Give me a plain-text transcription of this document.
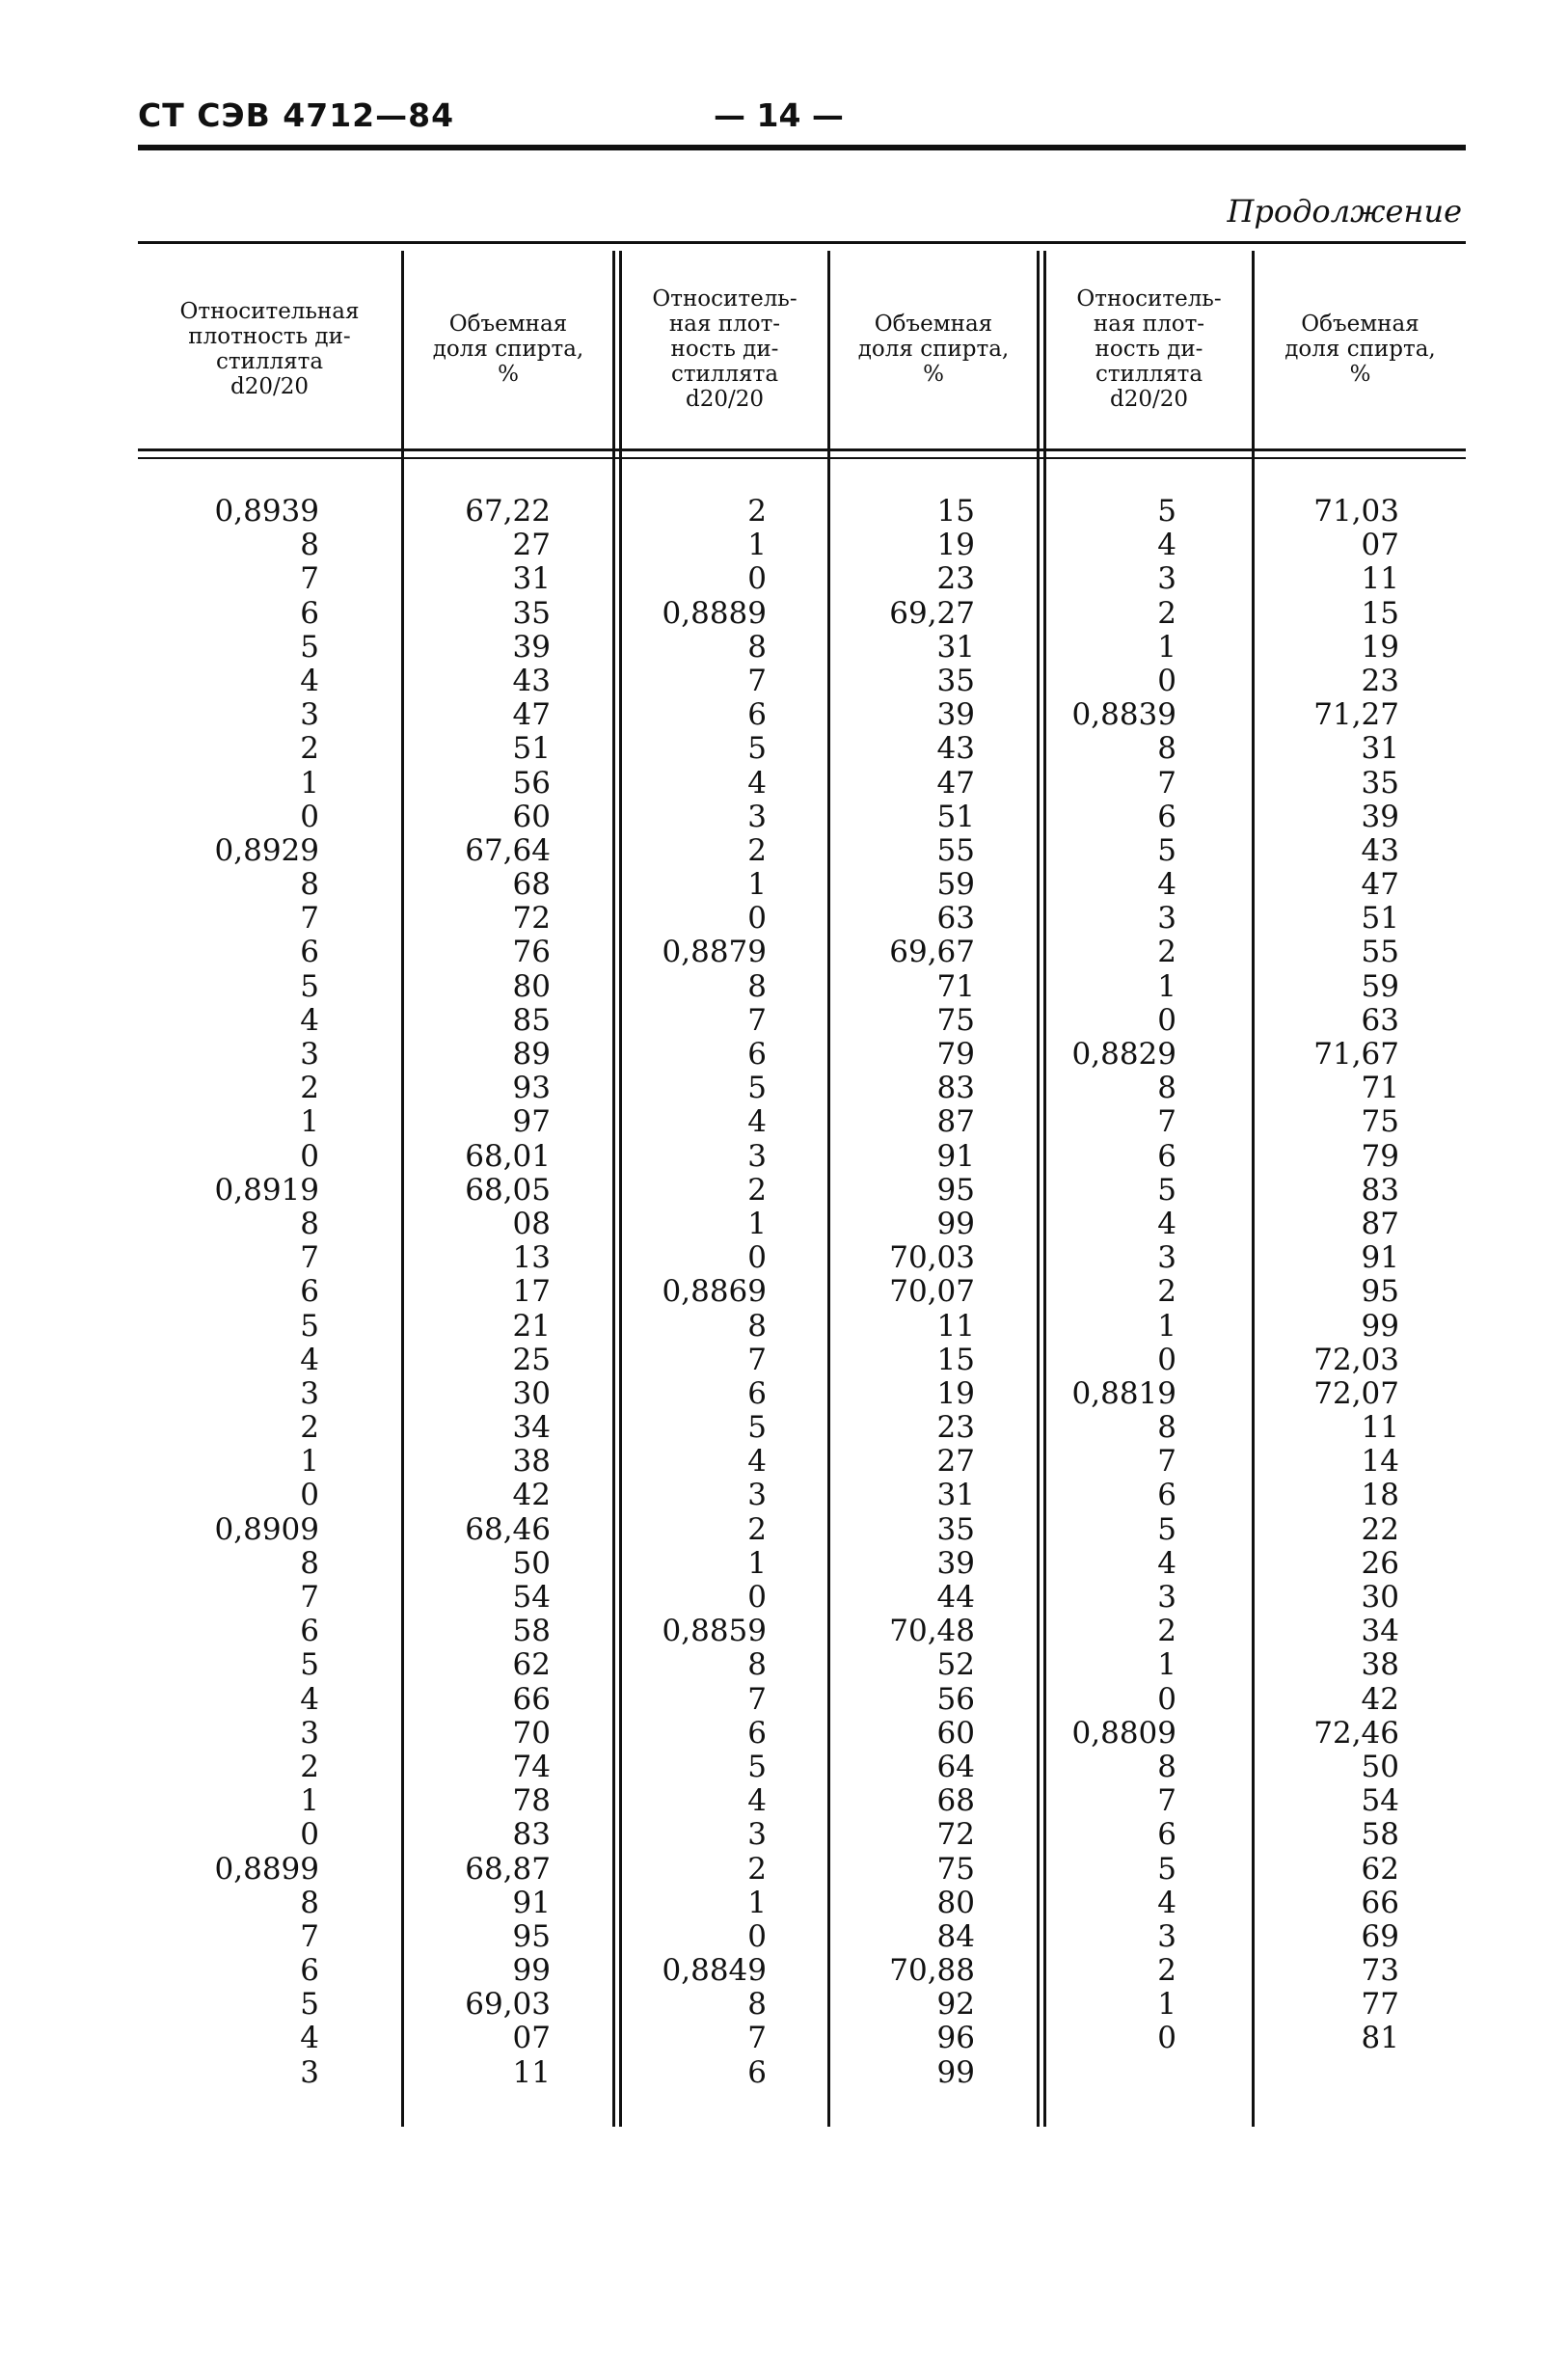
СТ СЭВ 4712—84	— 14 —
Продолжение
Относительная
плотность ди-
стиллята
d20/20
Объемная
доля спирта,
%
Относитель-
ная плот-
ность ди-
стиллята
d20/20
Объемная
доля спирта,
%
Относитель-
ная плот-
ность ди-
стиллята
d20/20
Объемная
доля спирта,
%
0,8939
8
7
6
5
4
3
2
1
0
0,8929
8
7
6
5
4
3
2
1
0
0,8919
8
7
6
5
4
3
2
1
0
0,8909
8
7
6
5
4
3
2
1
0
0,8899
8
7
6
5
4
3
67,22
27
31
35
39
43
47
51
56
60
67,64
68
72
76
80
85
89
93
97
68,01
68,05
08
13
17
21
25
30
34
38
42
68,46
50
54
58
62
66
70
74
78
83
68,87
91
95
99
69,03
07
11
2
1
0
0,8889
8
7
6
5
4
3
2
1
0
0,8879
8
7
6
5
4
3
2
1
0
0,8869
8
7
6
5
4
3
2
1
0
0,8859
8
7
6
5
4
3
2
1
0
0,8849
8
7
6
15
19
23
69,27
31
35
39
43
47
51
55
59
63
69,67
71
75
79
83
87
91
95
99
70,03
70,07
11
15
19
23
27
31
35
39
44
70,48
52
56
60
64
68
72
75
80
84
70,88
92
96
99
5
4
3
2
1
0
0,8839
8
7
6
5
4
3
2
1
0
0,8829
8
7
6
5
4
3
2
1
0
0,8819
8
7
6
5
4
3
2
1
0
0,8809
8
7
6
5
4
3
2
1
0
71,03
07
11
15
19
23
71,27
31
35
39
43
47
51
55
59
63
71,67
71
75
79
83
87
91
95
99
72,03
72,07
11
14
18
22
26
30
34
38
42
72,46
50
54
58
62
66
69
73
77
81
